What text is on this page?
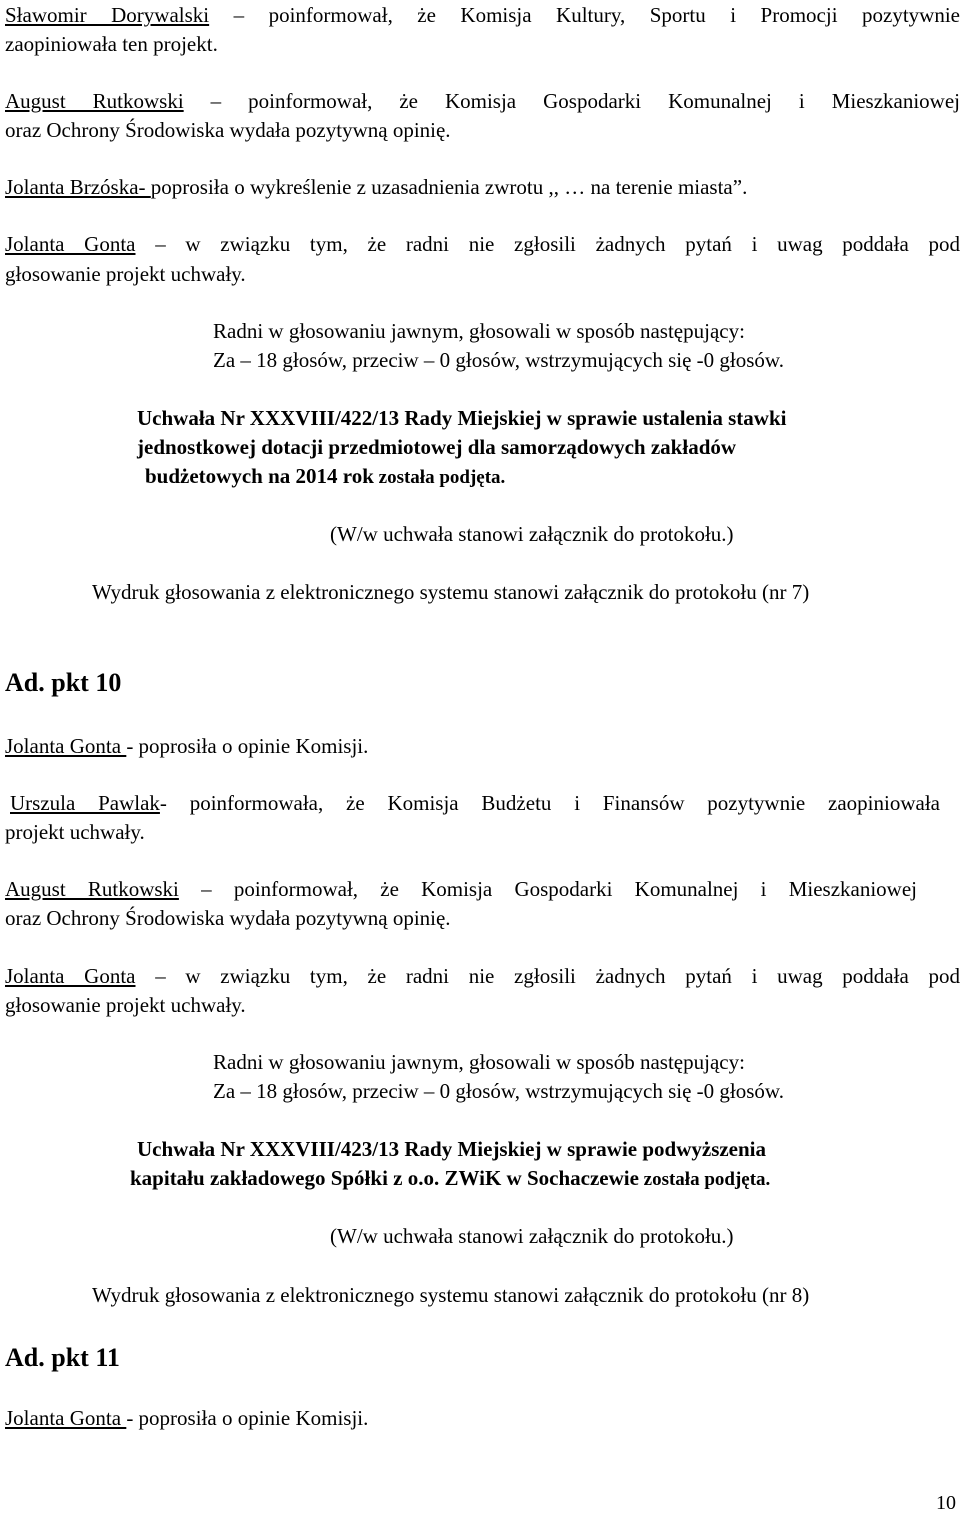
Sławomir Dorywalski – poinformował, że Komisja Kultury, Sportu i Promocji pozytywnie
zaopiniowała ten projekt.
August Rutkowski – poinformował, że Komisja Gospodarki Komunalnej i Mieszkaniowej
oraz Ochrony Środowiska wydała pozytywną opinię.
Jolanta Brzóska- poprosiła o wykreślenie z uzasadnienia zwrotu ,, … na terenie miasta”.
Jolanta Gonta – w związku tym, że radni nie zgłosili żadnych pytań i uwag poddała pod
głosowanie projekt uchwały.
Radni w głosowaniu jawnym, głosowali w sposób następujący:
Za – 18 głosów, przeciw – 0 głosów, wstrzymujących się -0 głosów.
Uchwała Nr XXXVIII/422/13 Rady Miejskiej w sprawie ustalenia stawki
jednostkowej dotacji przedmiotowej dla samorządowych zakładów
budżetowych na 2014 rok została podjęta.
(W/w uchwała stanowi załącznik do protokołu.)
Wydruk głosowania z elektronicznego systemu stanowi załącznik do protokołu (nr 7)
Ad. pkt 10
Jolanta Gonta - poprosiła o opinie Komisji.
Urszula Pawlak- poinformowała, że Komisja Budżetu i Finansów pozytywnie zaopiniowała
projekt uchwały.
August Rutkowski – poinformował, że Komisja Gospodarki Komunalnej i Mieszkaniowej
oraz Ochrony Środowiska wydała pozytywną opinię.
Jolanta Gonta – w związku tym, że radni nie zgłosili żadnych pytań i uwag poddała pod
głosowanie projekt uchwały.
Radni w głosowaniu jawnym, głosowali w sposób następujący:
Za – 18 głosów, przeciw – 0 głosów, wstrzymujących się -0 głosów.
Uchwała Nr XXXVIII/423/13 Rady Miejskiej w sprawie podwyższenia
kapitału zakładowego Spółki z o.o. ZWiK w Sochaczewie została podjęta.
(W/w uchwała stanowi załącznik do protokołu.)
Wydruk głosowania z elektronicznego systemu stanowi załącznik do protokołu (nr 8)
Ad. pkt 11
Jolanta Gonta - poprosiła o opinie Komisji.
10
